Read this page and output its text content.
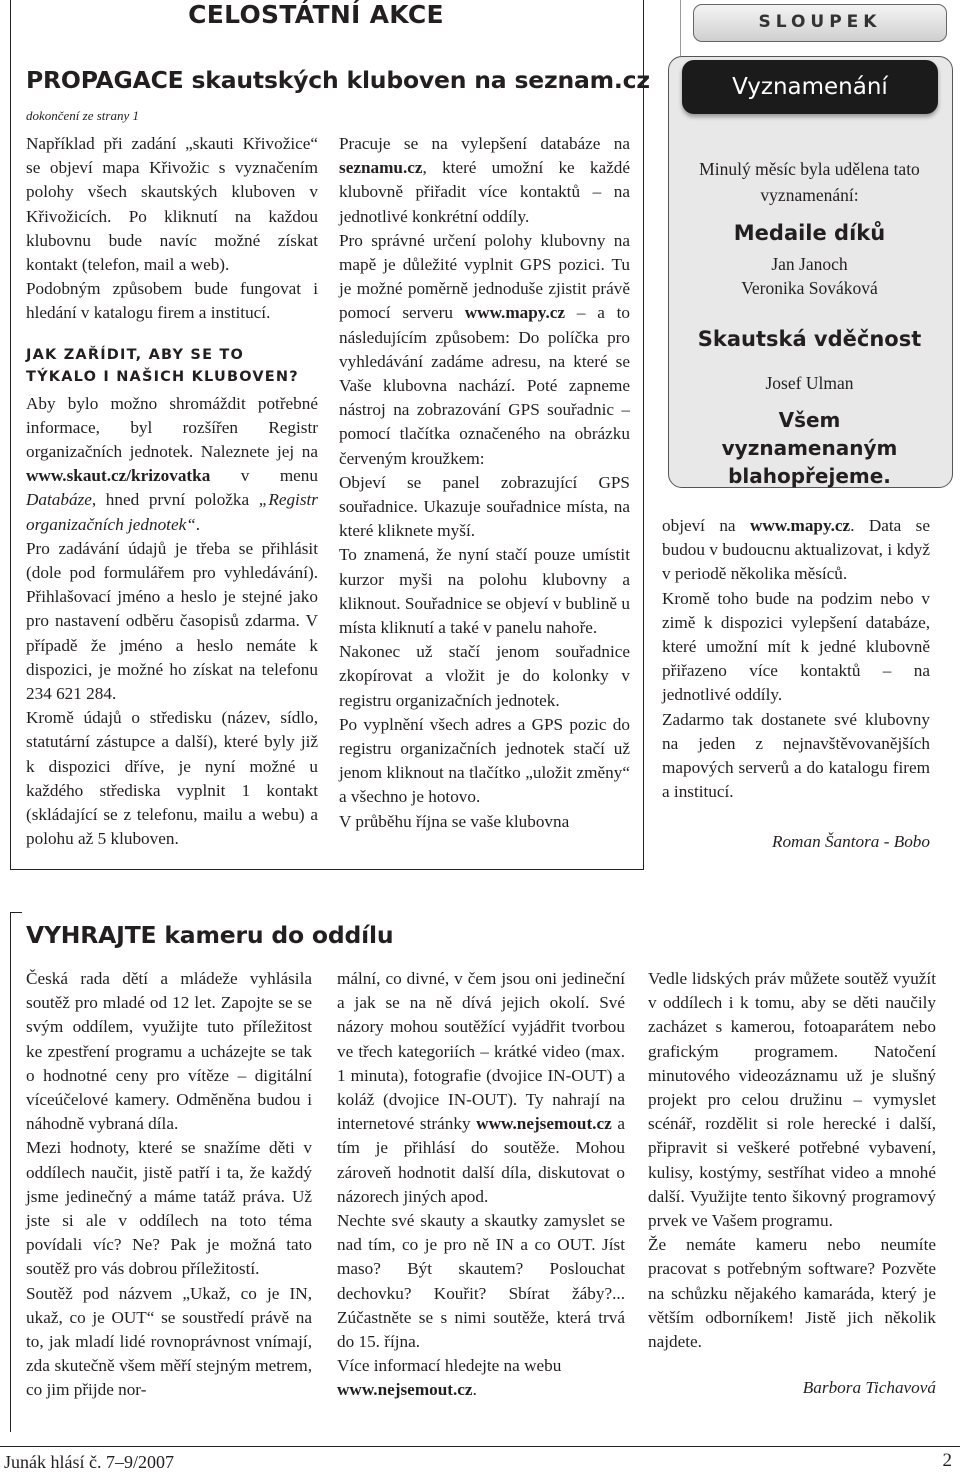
CELOSTÁTNÍ AKCE
PROPAGACE skautských kluboven na seznam.cz
dokončení ze strany 1

Například při zadání „skauti Křivožice“ se objeví mapa Křivožic s vyznačením polohy všech skautských kluboven v Křivožicích. Po kliknutí na každou klubovnu bude navíc možné získat kontakt (telefon, mail a web).

Podobným způsobem bude fungovat i hledání v katalogu firem a institucí.

JAK ZAŘÍDIT, ABY SE TO TÝKALO I NAŠICH KLUBOVEN?

Aby bylo možno shromáždit potřebné informace, byl rozšířen Registr organizačních jednotek. Naleznete jej na www.skaut.cz/krizovatka v menu Databáze, hned první položka „Registr organizačních jednotek“.

Pro zadávání údajů je třeba se přihlásit (dole pod formulářem pro vyhledávání). Přihlašovací jméno a heslo je stejné jako pro nastavení odběru časopisů zdarma. V případě že jméno a heslo nemáte k dispozici, je možné ho získat na telefonu 234 621 284.

Kromě údajů o středisku (název, sídlo, statutární zástupce a další), které byly již k dispozici dříve, je nyní možné u každého střediska vyplnit 1 kontakt (skládající se z telefonu, mailu a webu) a polohu až 5 kluboven.

Pracuje se na vylepšení databáze na seznamu.cz, které umožní ke každé klubovně přiřadit více kontaktů – na jednotlivé konkrétní oddíly.

Pro správné určení polohy klubovny na mapě je důležité vyplnit GPS pozici. Tu je možné poměrně jednoduše zjistit právě pomocí serveru www.mapy.cz – a to následujícím způsobem: Do políčka pro vyhledávání zadáme adresu, na které se Vaše klubovna nachází. Poté zapneme nástroj na zobrazování GPS souřadnic – pomocí tlačítka označeného na obrázku červeným kroužkem:

Objeví se panel zobrazující GPS souřadnice. Ukazuje souřadnice místa, na které kliknete myší.

To znamená, že nyní stačí pouze umístit kurzor myši na polohu klubovny a kliknout. Souřadnice se objeví v bublině u místa kliknutí a také v panelu nahoře.

Nakonec už stačí jenom souřadnice zkopírovat a vložit je do kolonky v registru organizačních jednotek.

Po vyplnění všech adres a GPS pozic do registru organizačních jednotek stačí už jenom kliknout na tlačítko „uložit změny“ a všechno je hotovo.

V průběhu října se vaše klubovna

SLOUPEK
Vyznamenání
Minulý měsíc byla udělena tato vyznamenání:
Medaile díků
Jan Janoch
Veronika Sováková
Skautská vděčnost
Josef Ulman
Všem vyznamenaným blahopřejeme.

objeví na www.mapy.cz. Data se budou v budoucnu aktualizovat, i když v periodě několika měsíců.

Kromě toho bude na podzim nebo v zimě k dispozici vylepšení databáze, které umožní mít k jedné klubovně přiřazeno více kontaktů – na jednotlivé oddíly.

Zadarmo tak dostanete své klubovny na jeden z nejnavštěvovanějších mapových serverů a do katalogu firem a institucí.

Roman Šantora - Bobo

VYHRAJTE kameru do oddílu

Česká rada dětí a mládeže vyhlásila soutěž pro mladé od 12 let. Zapojte se se svým oddílem, využijte tuto příležitost ke zpestření programu a ucházejte se tak o hodnotné ceny pro vítěze – digitální víceúčelové kamery. Odměněna budou i náhodně vybraná díla.

Mezi hodnoty, které se snažíme děti v oddílech naučit, jistě patří i ta, že každý jsme jedinečný a máme tatáž práva. Už jste si ale v oddílech na toto téma povídali víc? Ne? Pak je možná tato soutěž pro vás dobrou příležitostí.

Soutěž pod názvem „Ukaž, co je IN, ukaž, co je OUT“ se soustředí právě na to, jak mladí lidé rovnoprávnost vnímají, zda skutečně všem měří stejným metrem, co jim přijde nor-

mální, co divné, v čem jsou oni jedineční a jak se na ně dívá jejich okolí. Své názory mohou soutěžící vyjádřit tvorbou ve třech kategoriích – krátké video (max. 1 minuta), fotografie (dvojice IN-OUT) a koláž (dvojice IN-OUT). Ty nahrají na internetové stránky www.nejsemout.cz a tím je přihlásí do soutěže. Mohou zároveň hodnotit další díla, diskutovat o názorech jiných apod.

Nechte své skauty a skautky zamyslet se nad tím, co je pro ně IN a co OUT. Jíst maso? Být skautem? Poslouchat dechovku? Kouřit? Sbírat žáby?... Zúčastněte se s nimi soutěže, která trvá do 15. října.

Více informací hledejte na webu
www.nejsemout.cz.

Vedle lidských práv můžete soutěž využít v oddílech i k tomu, aby se děti naučily zacházet s kamerou, fotoaparátem nebo grafickým programem. Natočení minutového videozáznamu už je slušný projekt pro celou družinu – vymyslet scénář, rozdělit si role herecké i další, připravit si veškeré potřebné vybavení, kulisy, kostýmy, sestříhat video a mnohé další. Využijte tento šikovný programový prvek ve Vašem programu.

Že nemáte kameru nebo neumíte pracovat s potřebným software? Pozvěte na schůzku nějakého kamaráda, který je větším odborníkem! Jistě jich několik najdete.

Barbora Tichavová

Junák hlásí č. 7–9/2007	2
